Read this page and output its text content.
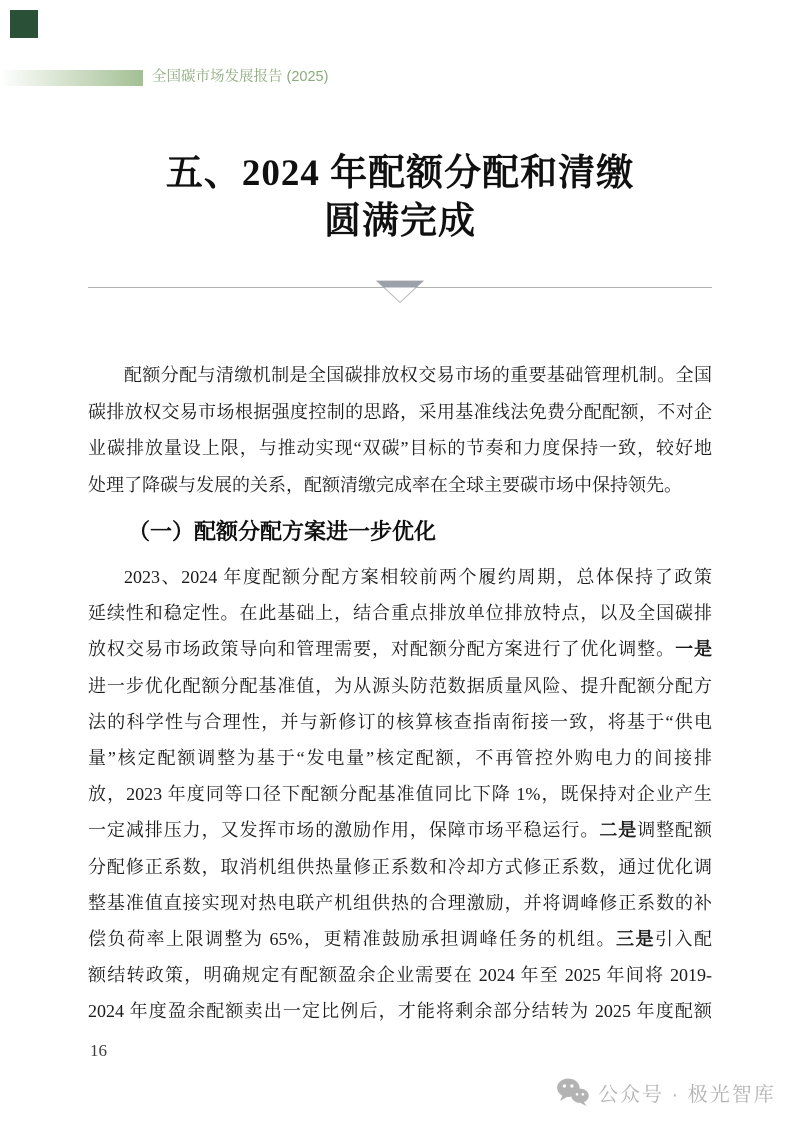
全国碳市场发展报告 (2025)
五、2024 年配额分配和清缴
圆满完成
配额分配与清缴机制是全国碳排放权交易市场的重要基础管理机制。全国
碳排放权交易市场根据强度控制的思路，采用基准线法免费分配配额，不对企
业碳排放量设上限，与推动实现“双碳”目标的节奏和力度保持一致，较好地
处理了降碳与发展的关系，配额清缴完成率在全球主要碳市场中保持领先。
（一）配额分配方案进一步优化
2023、2024 年度配额分配方案相较前两个履约周期，总体保持了政策
延续性和稳定性。在此基础上，结合重点排放单位排放特点，以及全国碳排
放权交易市场政策导向和管理需要，对配额分配方案进行了优化调整。一是
进一步优化配额分配基准值，为从源头防范数据质量风险、提升配额分配方
法的科学性与合理性，并与新修订的核算核查指南衔接一致，将基于“供电
量”核定配额调整为基于“发电量”核定配额，不再管控外购电力的间接排
放，2023 年度同等口径下配额分配基准值同比下降 1%，既保持对企业产生
一定减排压力，又发挥市场的激励作用，保障市场平稳运行。二是调整配额
分配修正系数，取消机组供热量修正系数和冷却方式修正系数，通过优化调
整基准值直接实现对热电联产机组供热的合理激励，并将调峰修正系数的补
偿负荷率上限调整为 65%，更精准鼓励承担调峰任务的机组。三是引入配
额结转政策，明确规定有配额盈余企业需要在 2024 年至 2025 年间将 2019-
2024 年度盈余配额卖出一定比例后，才能将剩余部分结转为 2025 年度配额
16
公众号 · 极光智库
